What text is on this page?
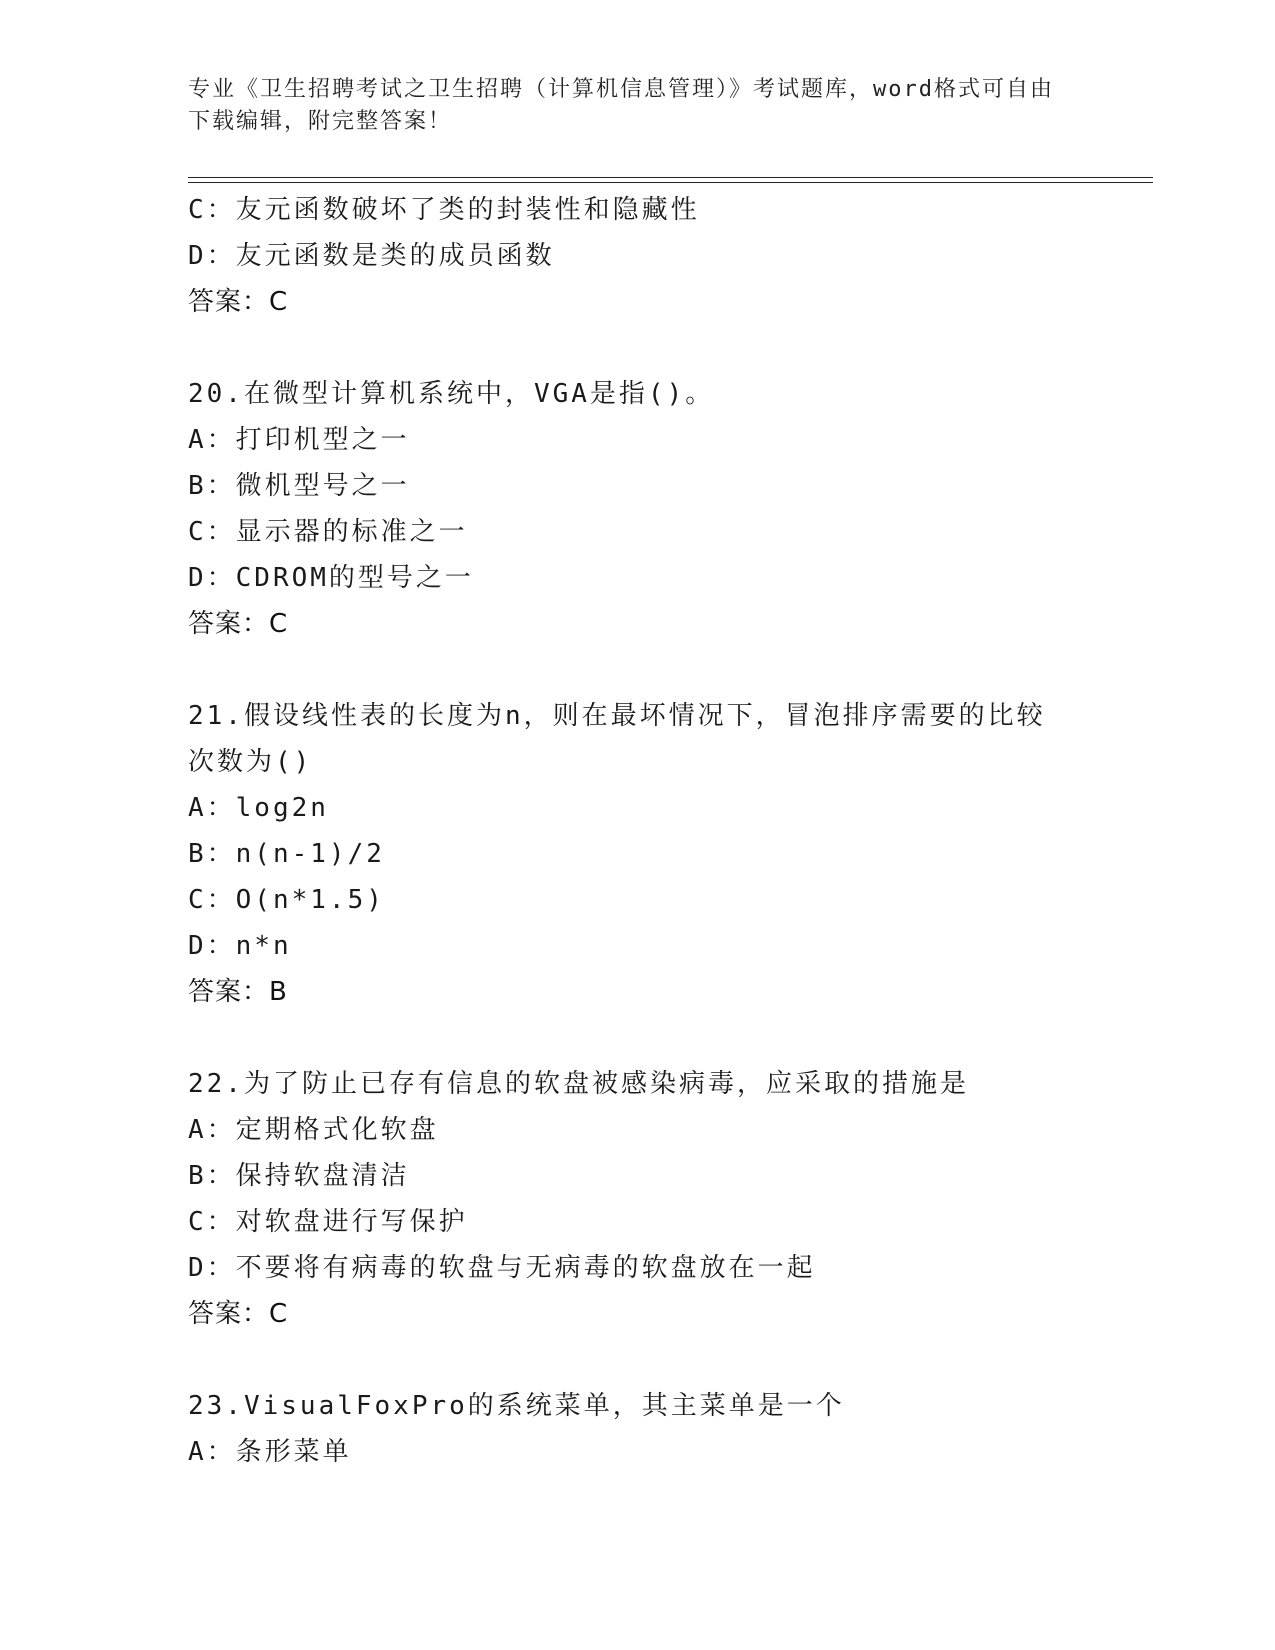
专业《卫生招聘考试之卫生招聘（计算机信息管理）》考试题库，word格式可自由下载编辑，附完整答案！
C：友元函数破坏了类的封装性和隐藏性
D：友元函数是类的成员函数
答案：C
20.在微型计算机系统中，VGA是指()。
A：打印机型之一
B：微机型号之一
C：显示器的标准之一
D：CDROM的型号之一
答案：C
21.假设线性表的长度为n，则在最坏情况下，冒泡排序需要的比较次数为()
A：log2n
B：n(n-1)/2
C：O(n*1.5)
D：n*n
答案：B
22.为了防止已存有信息的软盘被感染病毒，应采取的措施是
A：定期格式化软盘
B：保持软盘清洁
C：对软盘进行写保护
D：不要将有病毒的软盘与无病毒的软盘放在一起
答案：C
23.VisualFoxPro的系统菜单，其主菜单是一个
A：条形菜单
